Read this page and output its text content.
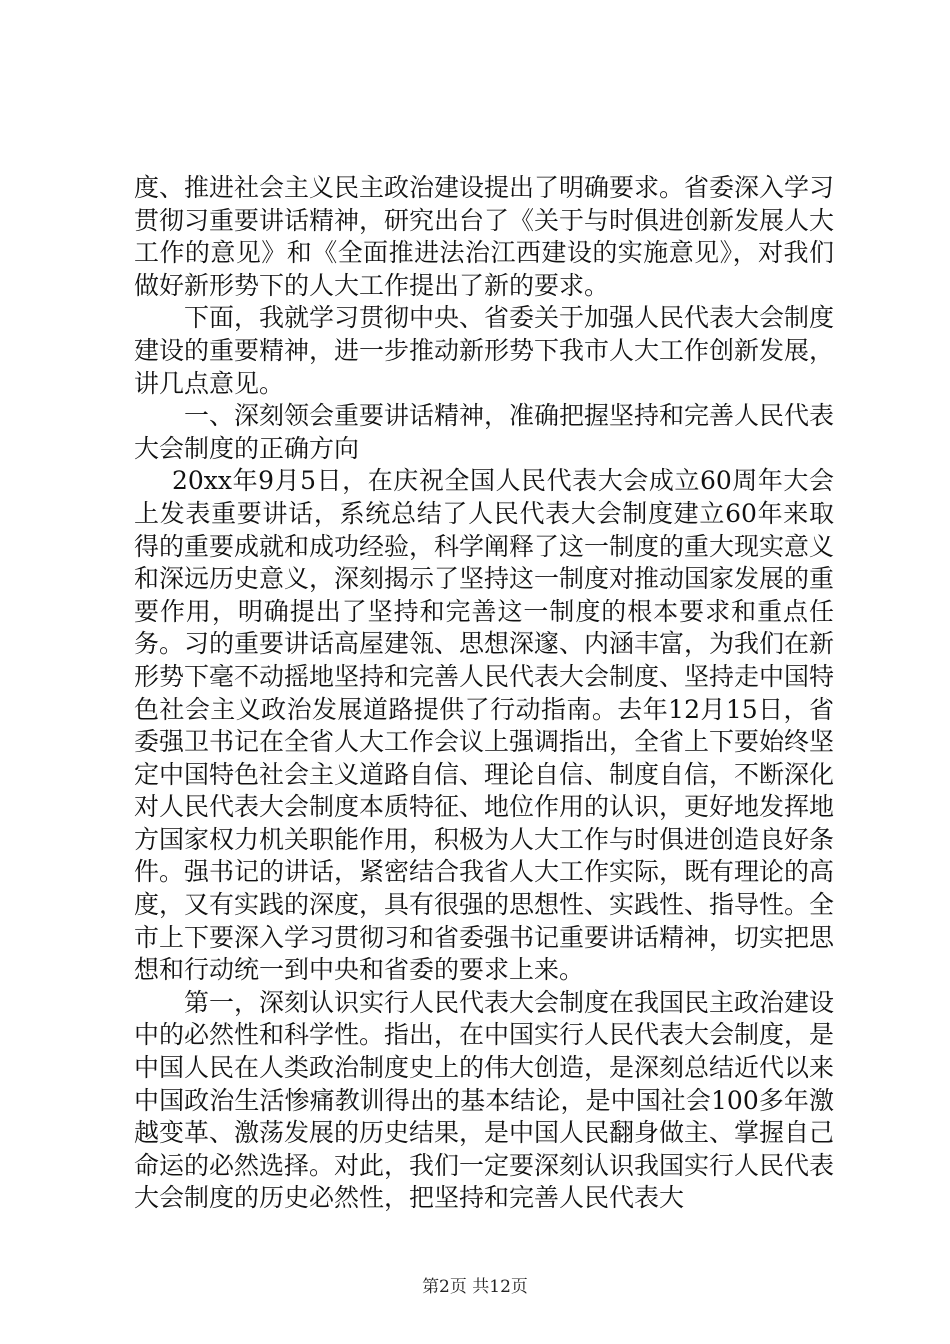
度、推进社会主义民主政治建设提出了明确要求。省委深入学习贯彻习重要讲话精神，研究出台了《关于与时俱进创新发展人大工作的意见》和《全面推进法治江西建设的实施意见》，对我们做好新形势下的人大工作提出了新的要求。

下面，我就学习贯彻中央、省委关于加强人民代表大会制度建设的重要精神，进一步推动新形势下我市人大工作创新发展，讲几点意见。

一、深刻领会重要讲话精神，准确把握坚持和完善人民代表大会制度的正确方向

20xx年9月5日，在庆祝全国人民代表大会成立60周年大会上发表重要讲话，系统总结了人民代表大会制度建立60年来取得的重要成就和成功经验，科学阐释了这一制度的重大现实意义和深远历史意义，深刻揭示了坚持这一制度对推动国家发展的重要作用，明确提出了坚持和完善这一制度的根本要求和重点任务。习的重要讲话高屋建瓴、思想深邃、内涵丰富，为我们在新形势下毫不动摇地坚持和完善人民代表大会制度、坚持走中国特色社会主义政治发展道路提供了行动指南。去年12月15日，省委强卫书记在全省人大工作会议上强调指出，全省上下要始终坚定中国特色社会主义道路自信、理论自信、制度自信，不断深化对人民代表大会制度本质特征、地位作用的认识，更好地发挥地方国家权力机关职能作用，积极为人大工作与时俱进创造良好条件。强书记的讲话，紧密结合我省人大工作实际，既有理论的高度，又有实践的深度，具有很强的思想性、实践性、指导性。全市上下要深入学习贯彻习和省委强书记重要讲话精神，切实把思想和行动统一到中央和省委的要求上来。

第一，深刻认识实行人民代表大会制度在我国民主政治建设中的必然性和科学性。指出，在中国实行人民代表大会制度，是中国人民在人类政治制度史上的伟大创造，是深刻总结近代以来中国政治生活惨痛教训得出的基本结论，是中国社会100多年激越变革、激荡发展的历史结果，是中国人民翻身做主、掌握自己命运的必然选择。对此，我们一定要深刻认识我国实行人民代表大会制度的历史必然性，把坚持和完善人民代表大

第2页 共12页
